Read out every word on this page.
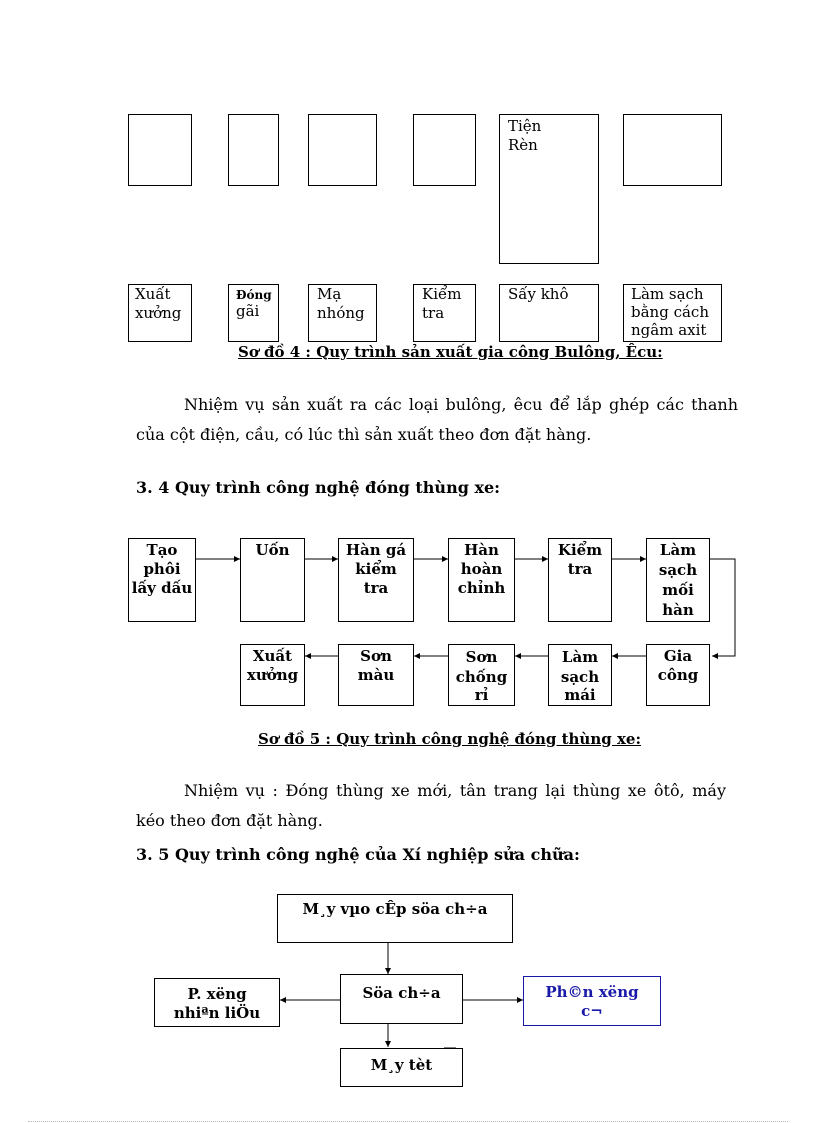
Tiện
Rèn
Xuất
xưởng
Đóng
gãi
Mạ
nhóng
Kiểm
tra
Sấy khô	Làm sạch
bằng cách
ngâm axit
Sơ đồ 4 : Quy trình sản xuất gia công Bulông, Êcu:
Nhiệm vụ sản xuất ra các loại bulông, êcu để lắp ghép các thanh của cột điện, cầu, có lúc thì sản xuất theo đơn đặt hàng.
3. 4 Quy trình công nghệ đóng thùng xe:
Tạo
phôi
lấy dấu
Uốn	Hàn gá
kiểm
tra
Hàn
hoàn
chỉnh
Kiểm
tra
Làm
sạch
mối
hàn
Xuất
xưởng
Sơn
màu
Sơn
chống
rỉ
Làm
sạch
mái
Gia
công
Sơ đồ 5 : Quy trình công nghệ đóng thùng xe:
Nhiệm vụ : Đóng thùng xe mới, tân trang lại thùng xe ôtô, máy kéo theo đơn đặt hàng.
3. 5 Quy trình công nghệ của Xí nghiệp sửa chữa:
M¸y vµo cÊp söa ch÷a
P. xëng
nhiªn liÖu
Söa ch÷a	Ph©n xëng
c¬
M¸y tèt
